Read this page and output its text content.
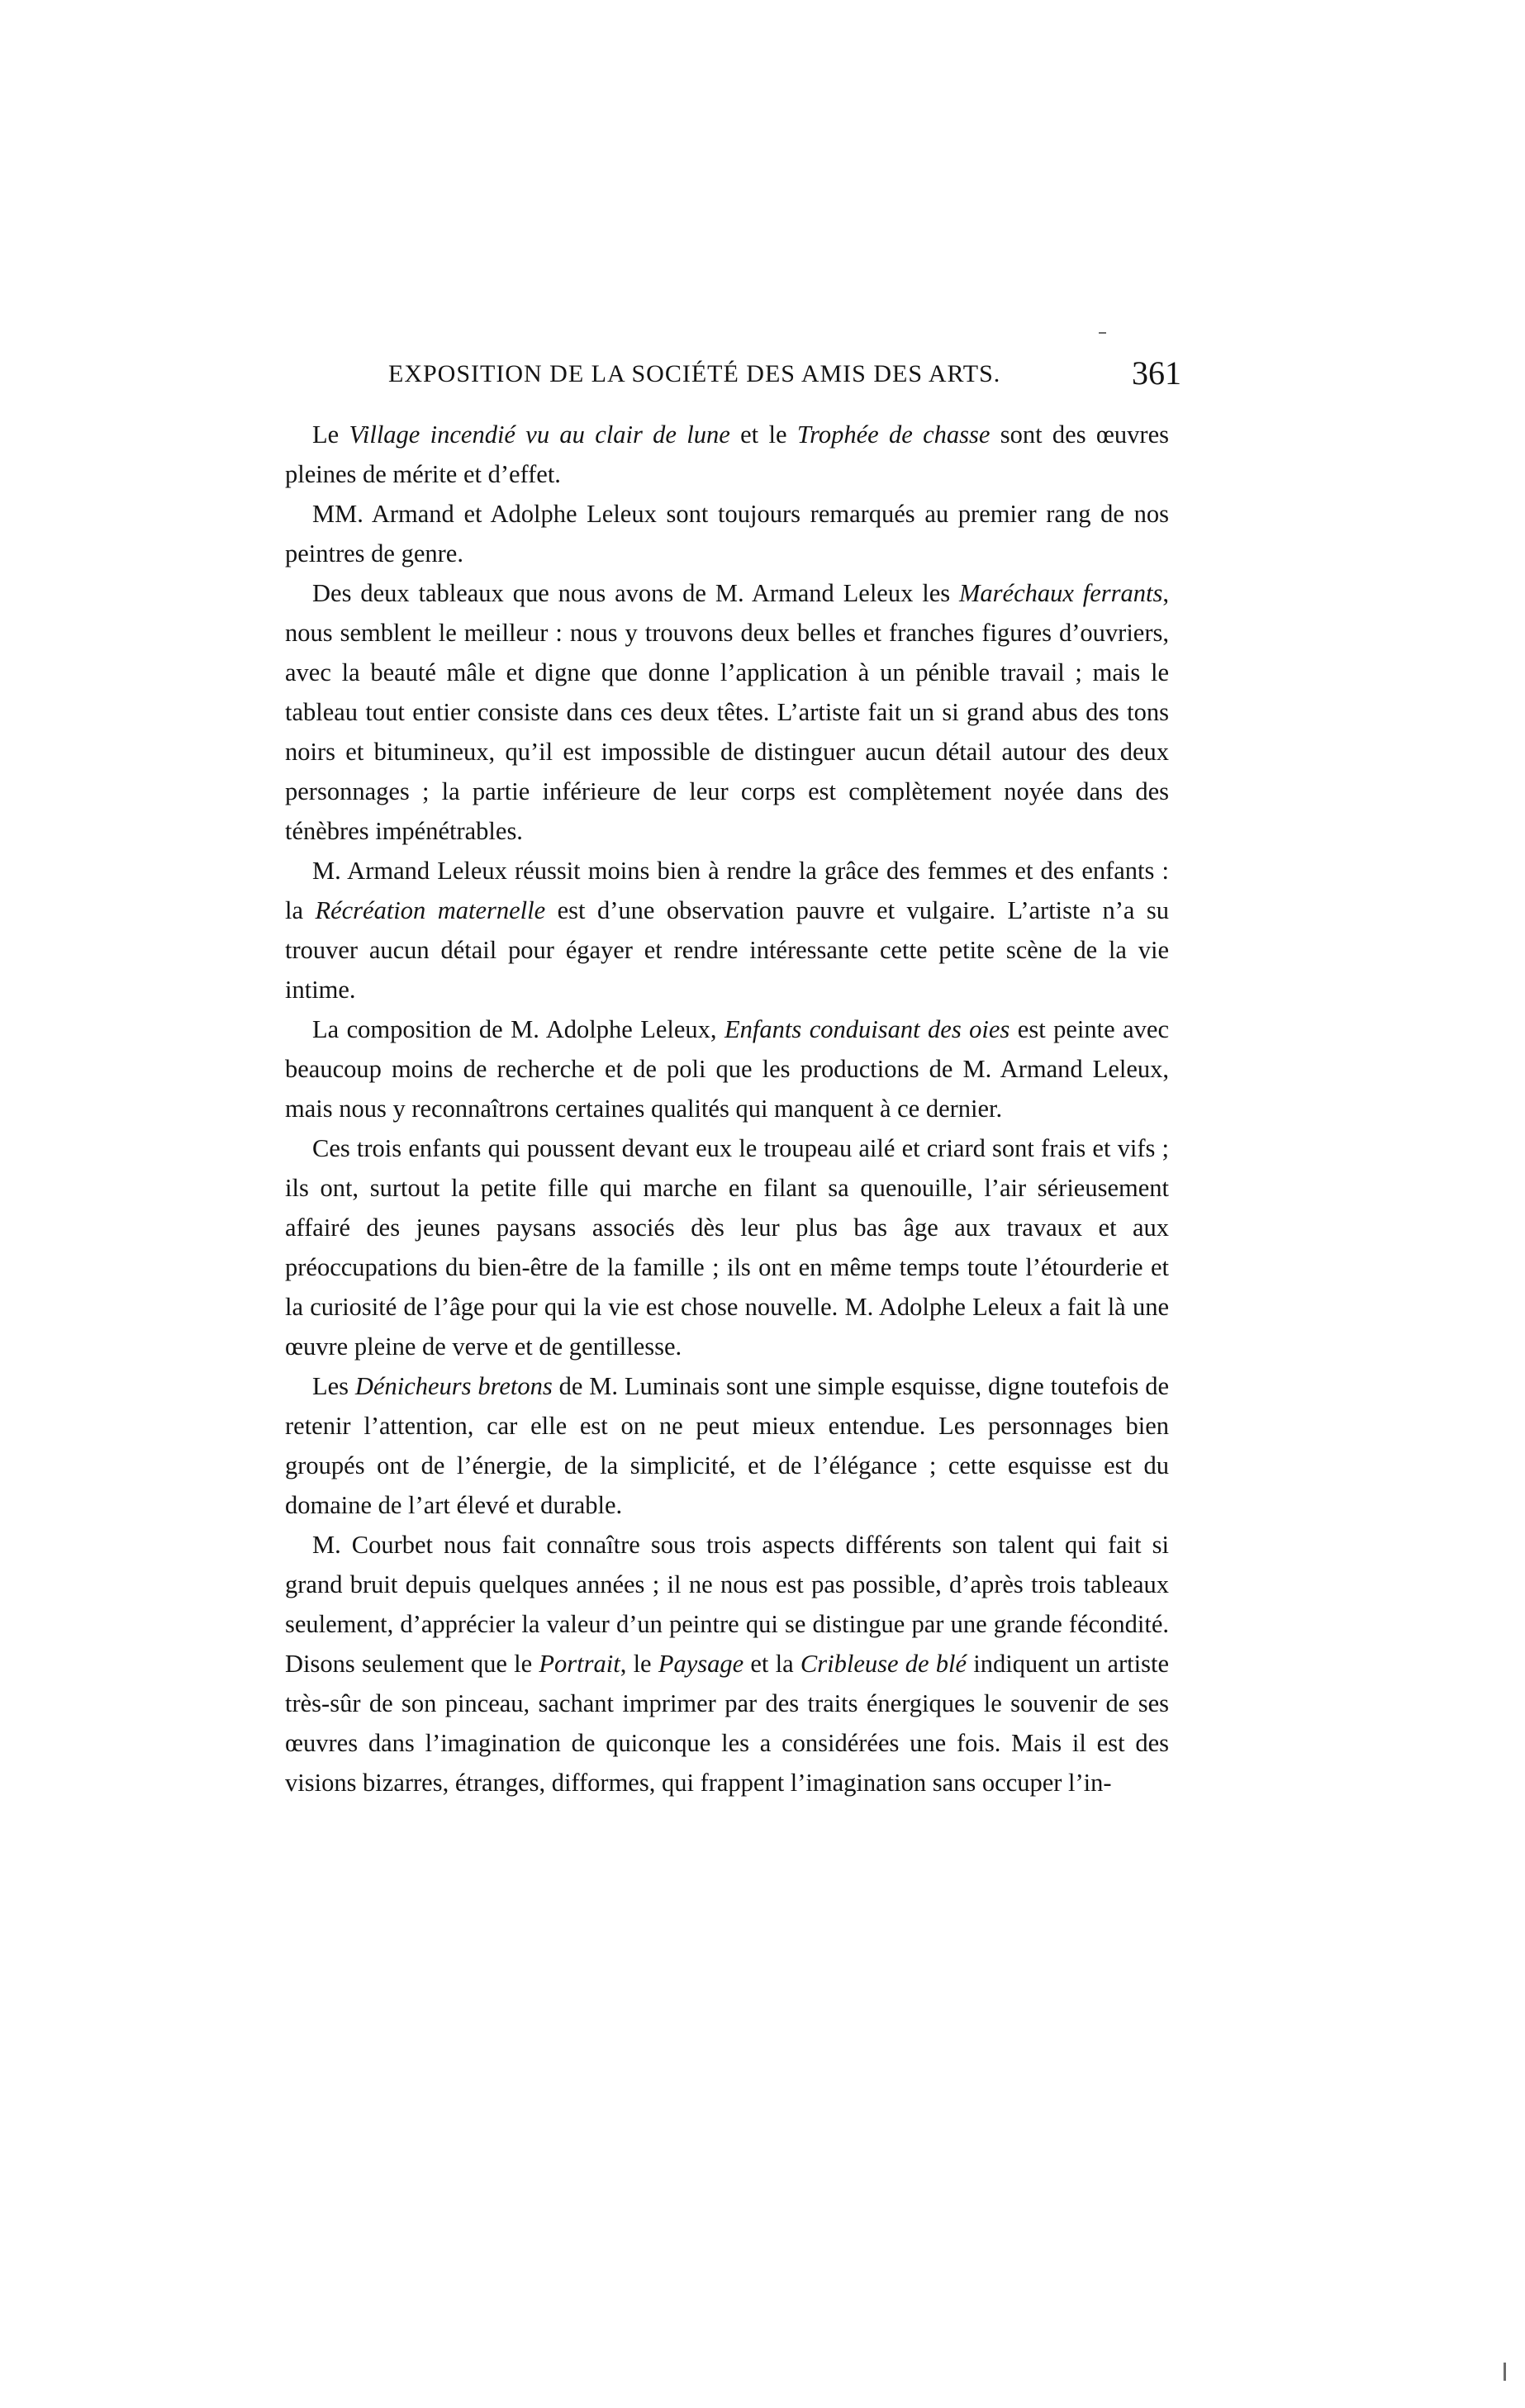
EXPOSITION DE LA SOCIÉTÉ DES AMIS DES ARTS.	361

Le Village incendié vu au clair de lune et le Trophée de chasse sont des œuvres pleines de mérite et d’effet.

MM. Armand et Adolphe Leleux sont toujours remarqués au premier rang de nos peintres de genre.

Des deux tableaux que nous avons de M. Armand Leleux les Maréchaux ferrants, nous semblent le meilleur : nous y trouvons deux belles et franches figures d’ouvriers, avec la beauté mâle et digne que donne l’application à un pénible travail ; mais le tableau tout entier consiste dans ces deux têtes. L’artiste fait un si grand abus des tons noirs et bitumineux, qu’il est impossible de distinguer aucun détail autour des deux personnages ; la partie inférieure de leur corps est complètement noyée dans des ténèbres impénétrables.

M. Armand Leleux réussit moins bien à rendre la grâce des femmes et des enfants : la Récréation maternelle est d’une observation pauvre et vulgaire. L’artiste n’a su trouver aucun détail pour égayer et rendre intéressante cette petite scène de la vie intime.

La composition de M. Adolphe Leleux, Enfants conduisant des oies est peinte avec beaucoup moins de recherche et de poli que les productions de M. Armand Leleux, mais nous y reconnaîtrons certaines qualités qui manquent à ce dernier.

Ces trois enfants qui poussent devant eux le troupeau ailé et criard sont frais et vifs ; ils ont, surtout la petite fille qui marche en filant sa quenouille, l’air sérieusement affairé des jeunes paysans associés dès leur plus bas âge aux travaux et aux préoccupations du bien-être de la famille ; ils ont en même temps toute l’étourderie et la curiosité de l’âge pour qui la vie est chose nouvelle. M. Adolphe Leleux a fait là une œuvre pleine de verve et de gentillesse.

Les Dénicheurs bretons de M. Luminais sont une simple esquisse, digne toutefois de retenir l’attention, car elle est on ne peut mieux entendue. Les personnages bien groupés ont de l’énergie, de la simplicité, et de l’élégance ; cette esquisse est du domaine de l’art élevé et durable.

M. Courbet nous fait connaître sous trois aspects différents son talent qui fait si grand bruit depuis quelques années ; il ne nous est pas possible, d’après trois tableaux seulement, d’apprécier la valeur d’un peintre qui se distingue par une grande fécondité. Disons seulement que le Portrait, le Paysage et la Cribleuse de blé indiquent un artiste très-sûr de son pinceau, sachant imprimer par des traits énergiques le souvenir de ses œuvres dans l’imagination de quiconque les a considérées une fois. Mais il est des visions bizarres, étranges, difformes, qui frappent l’imagination sans occuper l’in-
